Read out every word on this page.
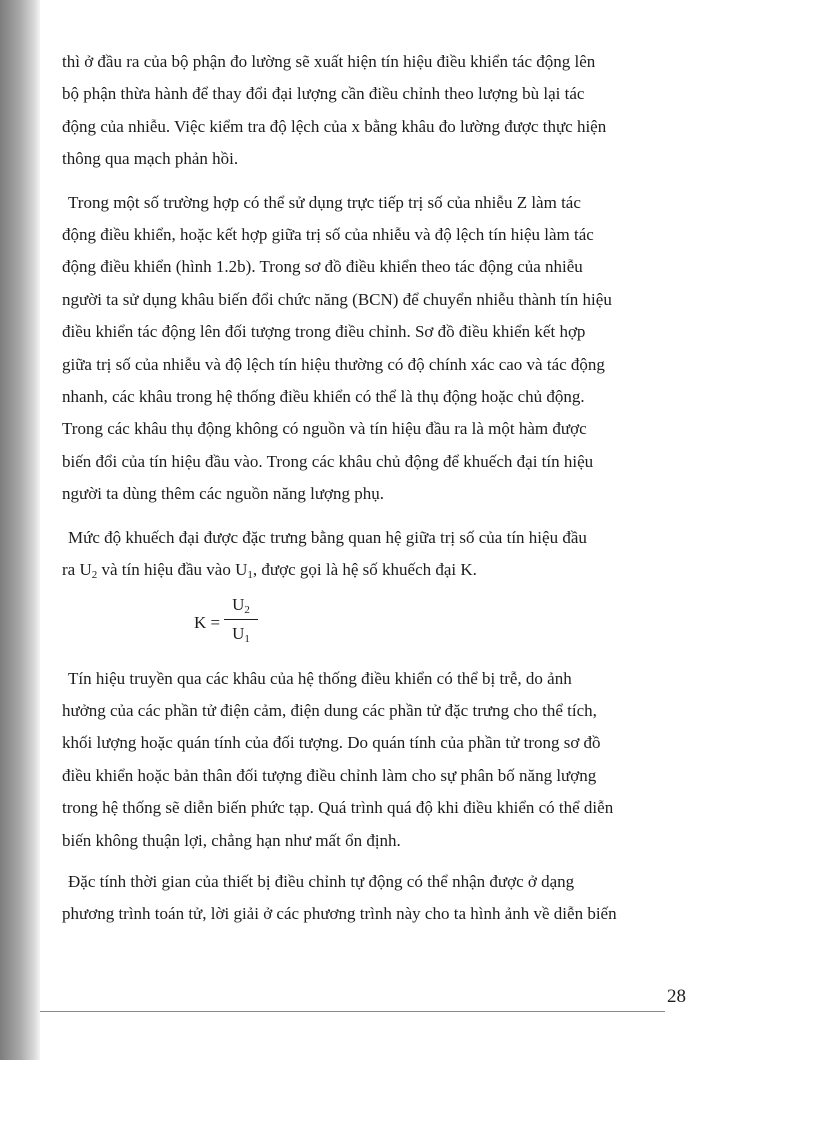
thì ở đầu ra của bộ phận đo lường sẽ xuất hiện tín hiệu điều khiển tác động lên
bộ phận thừa hành để thay đổi đại lượng cần điều chỉnh theo lượng bù lại tác
động của nhiễu. Việc kiểm tra độ lệch của x bằng khâu đo lường được thực hiện
thông qua mạch phản hồi.

Trong một số trường hợp có thể sử dụng trực tiếp trị số của nhiễu Z làm tác
động điều khiển, hoặc kết hợp giữa trị số của nhiễu và độ lệch tín hiệu làm tác
động điều khiển (hình 1.2b). Trong sơ đồ điều khiển theo tác động của nhiễu
người ta sử dụng khâu biến đổi chức năng (BCN) để chuyển nhiễu thành tín hiệu
điều khiển tác động lên đối tượng trong điều chỉnh. Sơ đồ điều khiển kết hợp
giữa trị số của nhiễu và độ lệch tín hiệu thường có độ chính xác cao và tác động
nhanh, các khâu trong hệ thống điều khiển có thể là thụ động hoặc chủ động.
Trong các khâu thụ động không có nguồn và tín hiệu đầu ra là một hàm được
biến đổi của tín hiệu đầu vào. Trong các khâu chủ động để khuếch đại tín hiệu
người ta dùng thêm các nguồn năng lượng phụ.

Mức độ khuếch đại được đặc trưng bằng quan hệ giữa trị số của tín hiệu đầu
ra $U_2$ và tín hiệu đầu vào $U_1$, được gọi là hệ số khuếch đại K.

K =
$U_2$
$U_1$

Tín hiệu truyền qua các khâu của hệ thống điều khiển có thể bị trễ, do ảnh
hưởng của các phần tử điện cảm, điện dung các phần tử đặc trưng cho thể tích,
khối lượng hoặc quán tính của đối tượng. Do quán tính của phần tử trong sơ đồ
điều khiển hoặc bản thân đối tượng điều chỉnh làm cho sự phân bố năng lượng
trong hệ thống sẽ diễn biến phức tạp. Quá trình quá độ khi điều khiển có thể diễn
biến không thuận lợi, chẳng hạn như mất ổn định.

Đặc tính thời gian của thiết bị điều chỉnh tự động có thể nhận được ở dạng
phương trình toán tử, lời giải ở các phương trình này cho ta hình ảnh về diễn biến

28
